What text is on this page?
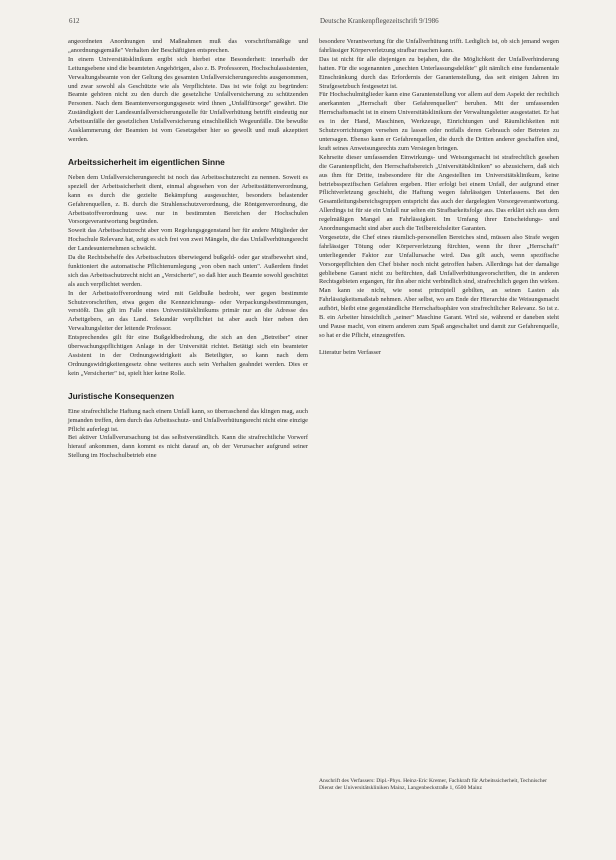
612	Deutsche Krankenpflegezeitschrift 9/1986

angeordneten Anordnungen und Maßnahmen muß das vorschriftsmäßige und „anordnungsgemäße" Verhalten der Beschäftigten entsprechen.
In einem Universitätsklinikum ergibt sich hierbei eine Besonderheit: innerhalb der Leitungsebene sind die beamteten Angehörigen, also z. B. Professoren, Hochschulassistenten, Verwaltungsbeamte von der Geltung des gesamten Unfallversicherungsrechts ausgenommen, und zwar sowohl als Geschützte wie als Verpflichtete. Das ist wie folgt zu begründen: Beamte gehören nicht zu den durch die gesetzliche Unfallversicherung zu schützenden Personen. Nach dem Beamtenversorgungsgesetz wird ihnen „Unfallfürsorge" gewährt. Die Zuständigkeit der Landesunfallversicherungsstelle für Unfallverhütung betrifft eindeutig nur Arbeitsunfälle der gesetzlichen Unfallversicherung einschließlich Wegeunfälle. Die bewußte Ausklammerung der Beamten ist vom Gesetzgeber hier so gewollt und muß akzeptiert werden.

Arbeitssicherheit im eigentlichen Sinne

Neben dem Unfallversicherungsrecht ist noch das Arbeitsschutzrecht zu nennen. Soweit es speziell der Arbeitssicherheit dient, einmal abgesehen von der Arbeitsstättenverordnung, kann es durch die gezielte Bekämpfung ausgesuchter, besonders belastender Gefahrenquellen, z. B. durch die Strahlenschutzverordnung, die Röntgenverordnung, die Arbeitsstoffverordnung usw. nur in bestimmten Bereichen der Hochschulen Vorsorgeverantwortung begründen.
Soweit das Arbeitsschutzrecht aber vom Regelungsgegenstand her für andere Mitglieder der Hochschule Relevanz hat, zeigt es sich frei von zwei Mängeln, die das Unfallverhütungsrecht der Landesunternehmen schwächt.
Da die Rechtsbehelfe des Arbeitsschutzes überwiegend bußgeld- oder gar strafbewehrt sind, funktioniert die automatische Pflichtenumlegung „von oben nach unten". Außerdem findet sich das Arbeitsschutzrecht nicht an „Versicherte", so daß hier auch Beamte sowohl geschützt als auch verpflichtet werden.
In der Arbeitsstoffverordnung wird mit Geldbuße bedroht, wer gegen bestimmte Schutzvorschriften, etwa gegen die Kennzeichnungs- oder Verpackungsbestimmungen, verstößt. Das gilt im Falle eines Universitätsklinikums primär nur an die Adresse des Arbeitgebers, an das Land. Sekundär verpflichtet ist aber auch hier neben den Verwaltungsleiter der leitende Professor.
Entsprechendes gilt für eine Bußgeldbedrohung, die sich an den „Betreiber" einer überwachungspflichtigen Anlage in der Universität richtet. Betätigt sich ein beamteter Assistent in der Ordnungswidrigkeit als Beteiligter, so kann nach dem Ordnungswidrigkeitengesetz ohne weiteres auch sein Verhalten geahndet werden. Dies er kein „Versicherter" ist, spielt hier keine Rolle.

Juristische Konsequenzen

Eine strafrechtliche Haftung nach einem Unfall kann, so überraschend das klingen mag, auch jemanden treffen, dem durch das Arbeitsschutz- und Unfallverhütungsrecht nicht eine einzige Pflicht auferlegt ist.
Bei aktiver Unfallverursachung ist das selbstverständlich. Kann die strafrechtliche Vorwerf hierauf ankommen, dann kommt es nicht darauf an, ob der Verursacher aufgrund seiner Stellung im Hochschulbetrieb eine

besondere Verantwortung für die Unfallverhütung trifft. Lediglich ist, ob sich jemand wegen fahrlässiger Körperverletzung strafbar machen kann.
Das ist nicht für alle diejenigen zu bejahen, die die Möglichkeit der Unfallverhinderung hatten. Für die sogenannten „unechten Unterlassungsdelikte" gilt nämlich eine fundamentale Einschränkung durch das Erfordernis der Garantenstellung, das seit einigen Jahren im Strafgesetzbuch festgesetzt ist.
Für Hochschulmitglieder kann eine Garantenstellung vor allem auf dem Aspekt der rechtlich anerkannten „Herrschaft über Gefahrenquellen" beruhen. Mit der umfassenden Herrschaftsmacht ist in einem Universitätsklinikum der Verwaltungsleiter ausgestattet. Er hat es in der Hand, Maschinen, Werkzeuge, Einrichtungen und Räumlichkeiten mit Schutzvorrichtungen versehen zu lassen oder notfalls deren Gebrauch oder Betreten zu untersagen. Ebenso kann er Gefahrenquellen, die durch die Dritten anderer geschaffen sind, kraft seines Anweisungsrechts zum Versiegen bringen.
Kehrseite dieser umfassenden Einwirkungs- und Weisungsmacht ist strafrechtlich gesehen die Garantenpflicht, den Herrschaftsbereich „Universitätskliniken" so abzusichern, daß sich aus ihm für Dritte, insbesondere für die Angestellten im Universitätsklinikum, keine betriebsspezifischen Gefahren ergeben. Hier erfolgt bei einem Unfall, der aufgrund einer Pflichtverletzung geschieht, die Haftung wegen fahrlässigen Unterlassens. Bei den Gesamtleitungsbereichsgruppen entspricht das auch der dargelegten Vorsorgeverantwortung. Allerdings ist für sie ein Unfall nur selten ein Strafbarkeitsfolge aus. Das erklärt sich aus dem regelmäßigen Mangel an Fahrlässigkeit. Im Umfang ihrer Entscheidungs- und Anordnungsmacht sind aber auch die Teilbereichsleiter Garanten.
Vorgesetzte, die Chef eines räumlich-personellen Bereiches sind, müssen also Strafe wegen fahrlässiger Tötung oder Körperverletzung fürchten, wenn ihr ihrer „Herrschaft" unterliegender Faktor zur Unfallursache wird. Das gilt auch, wenn spezifische Vorsorgepflichten den Chef bisher noch nicht getroffen haben. Allerdings hat der damalige gebliebene Garant nicht zu befürchten, daß Unfallverhütungsvorschriften, die in anderen Rechtsgebieten ergangen, für ihn aber nicht verbindlich sind, strafrechtlich gegen ihn wirken. Man kann sie nicht, wie sonst prinzipiell gebilten, an seinen Lasten als Fahrlässigkeitsmaßstab nehmen. Aber selbst, wo am Ende der Hierarchie die Weisungsmacht aufhört, bleibt eine gegenständliche Herrschaftssphäre von strafrechtlicher Relevanz. So ist z. B. ein Arbeiter hinsichtlich „seiner" Maschine Garant. Wird sie, während er daneben steht und Pause macht, von einem anderen zum Spaß angeschaltet und damit zur Gefahrenquelle, so hat er die Pflicht, einzugreifen.

Literatur beim Verfasser

Anschrift des Verfassers: Dipl.-Phys. Heinz-Eric Kremer, Fachkraft für Arbeitssicherheit, Technischer Dienst der Universitätskliniken Mainz, Langenbeckstraße 1, 6500 Mainz
